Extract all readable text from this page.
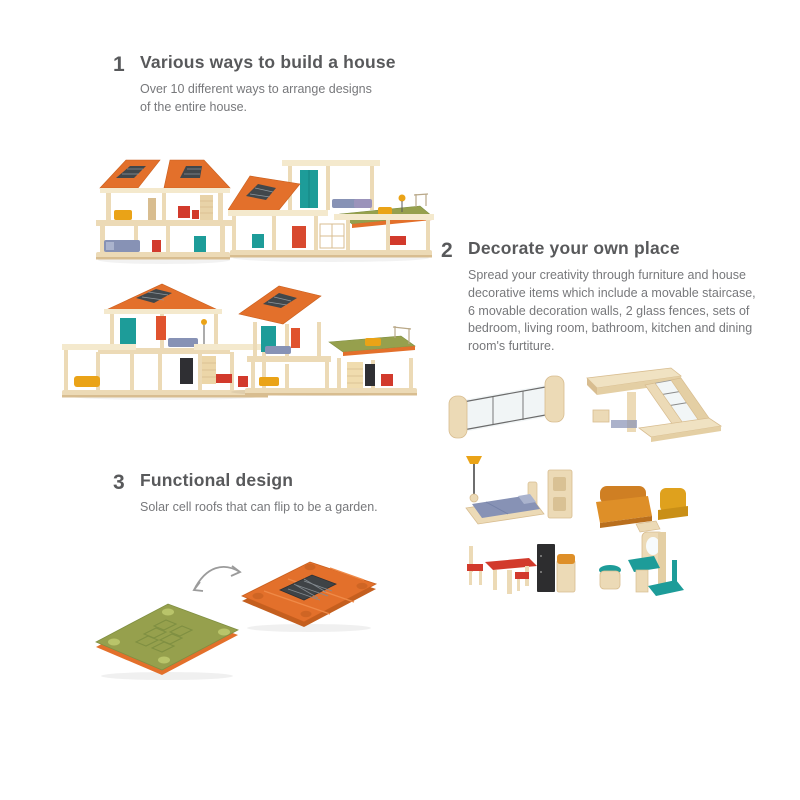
1 Various ways to build a house

Over 10 different ways to arrange designs of the entire house.

2 Decorate your own place

Spread your creativity through furniture and house decorative items which include a movable staircase, 6 movable decoration walls, 2 glass fences, sets of bedroom, living room, bathroom, kitchen and dining room's furtiture.

3 Functional design

Solar cell roofs that can flip to be a garden.
